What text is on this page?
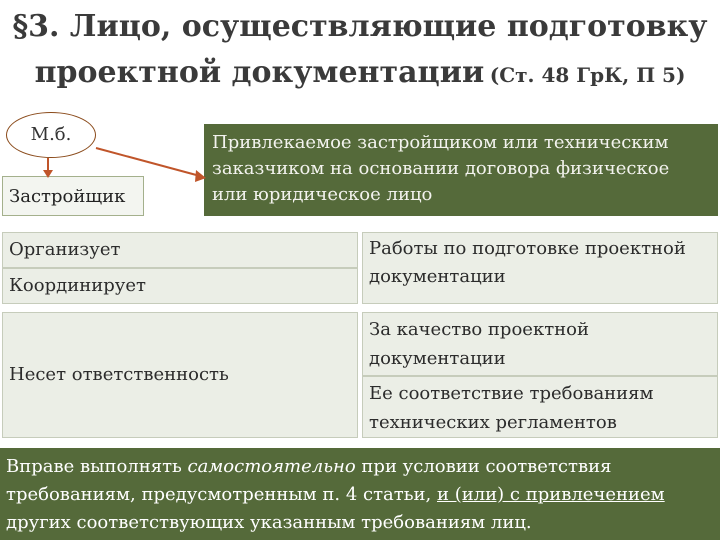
§3. Лицо, осуществляющие подготовку
проектной документации (Ст. 48 ГрК, П 5)
М.б.
Застройщик
Привлекаемое застройщиком или техническим заказчиком на основании договора физическое или юридическое лицо
Организует
Координирует
Работы по подготовке проектной документации
Несет ответственность
За качество проектной документации
Ее соответствие требованиям технических регламентов
Вправе выполнять самостоятельно при условии соответствия требованиям, предусмотренным п. 4 статьи, и (или) с привлечением других соответствующих указанным требованиям лиц.
